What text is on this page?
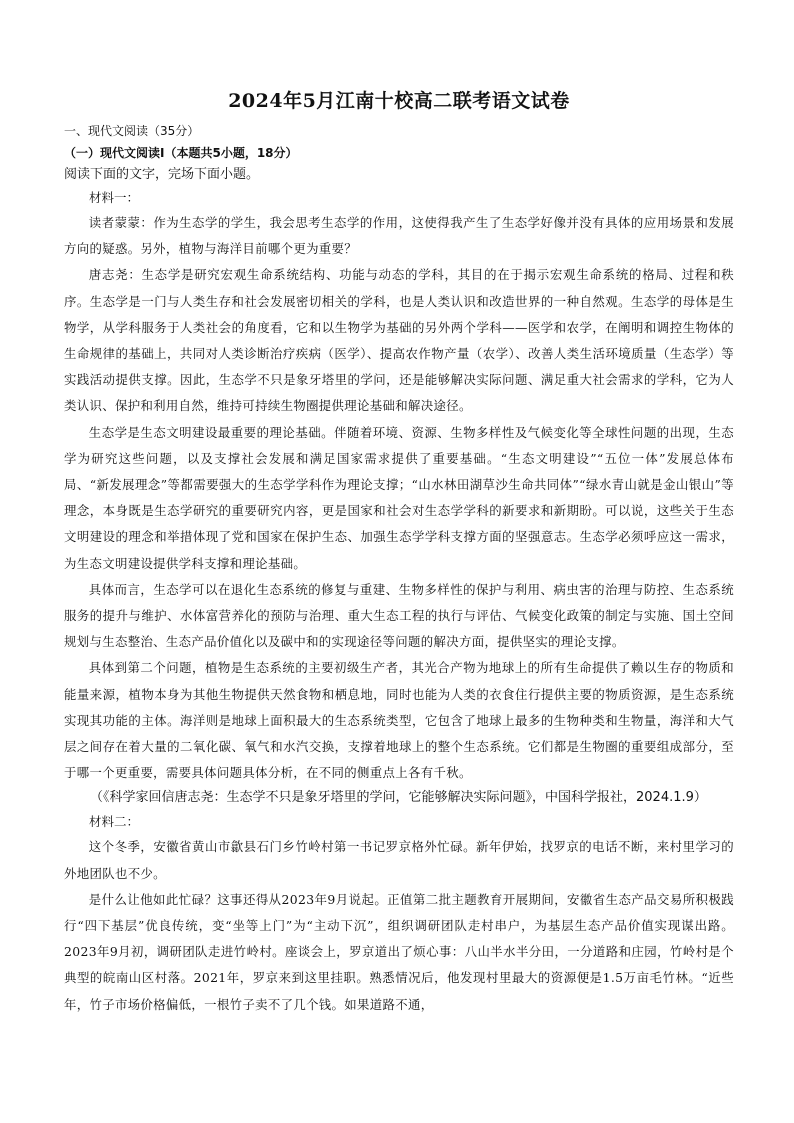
2024年5月江南十校高二联考语文试卷

一、现代文阅读（35分）

（一）现代文阅读Ⅰ（本题共5小题，18分）

阅读下面的文字，完场下面小题。

材料一：

读者蒙蒙：作为生态学的学生，我会思考生态学的作用，这使得我产生了生态学好像并没有具体的应用场景和发展方向的疑惑。另外，植物与海洋目前哪个更为重要？

唐志尧：生态学是研究宏观生命系统结构、功能与动态的学科，其目的在于揭示宏观生命系统的格局、过程和秩序。生态学是一门与人类生存和社会发展密切相关的学科，也是人类认识和改造世界的一种自然观。生态学的母体是生物学，从学科服务于人类社会的角度看，它和以生物学为基础的另外两个学科——医学和农学，在阐明和调控生物体的生命规律的基础上，共同对人类诊断治疗疾病（医学）、提高农作物产量（农学）、改善人类生活环境质量（生态学）等实践活动提供支撑。因此，生态学不只是象牙塔里的学问，还是能够解决实际问题、满足重大社会需求的学科，它为人类认识、保护和利用自然，维持可持续生物圈提供理论基础和解决途径。

生态学是生态文明建设最重要的理论基础。伴随着环境、资源、生物多样性及气候变化等全球性问题的出现，生态学为研究这些问题，以及支撑社会发展和满足国家需求提供了重要基础。“生态文明建设”“五位一体”发展总体布局、“新发展理念”等都需要强大的生态学学科作为理论支撑；“山水林田湖草沙生命共同体”“绿水青山就是金山银山”等理念，本身既是生态学研究的重要研究内容，更是国家和社会对生态学学科的新要求和新期盼。可以说，这些关于生态文明建设的理念和举措体现了党和国家在保护生态、加强生态学学科支撑方面的坚强意志。生态学必须呼应这一需求，为生态文明建设提供学科支撑和理论基础。

具体而言，生态学可以在退化生态系统的修复与重建、生物多样性的保护与利用、病虫害的治理与防控、生态系统服务的提升与维护、水体富营养化的预防与治理、重大生态工程的执行与评估、气候变化政策的制定与实施、国土空间规划与生态整治、生态产品价值化以及碳中和的实现途径等问题的解决方面，提供坚实的理论支撑。

具体到第二个问题，植物是生态系统的主要初级生产者，其光合产物为地球上的所有生命提供了赖以生存的物质和能量来源，植物本身为其他生物提供天然食物和栖息地，同时也能为人类的衣食住行提供主要的物质资源，是生态系统实现其功能的主体。海洋则是地球上面积最大的生态系统类型，它包含了地球上最多的生物种类和生物量，海洋和大气层之间存在着大量的二氧化碳、氧气和水汽交换，支撑着地球上的整个生态系统。它们都是生物圈的重要组成部分，至于哪一个更重要，需要具体问题具体分析，在不同的侧重点上各有千秋。

（《科学家回信唐志尧：生态学不只是象牙塔里的学问，它能够解决实际问题》，中国科学报社，2024.1.9）

材料二：

这个冬季，安徽省黄山市歙县石门乡竹岭村第一书记罗京格外忙碌。新年伊始，找罗京的电话不断，来村里学习的外地团队也不少。

是什么让他如此忙碌？这事还得从2023年9月说起。正值第二批主题教育开展期间，安徽省生态产品交易所积极践行“四下基层”优良传统，变“坐等上门”为“主动下沉”，组织调研团队走村串户，为基层生态产品价值实现谋出路。2023年9月初，调研团队走进竹岭村。座谈会上，罗京道出了烦心事：八山半水半分田，一分道路和庄园，竹岭村是个典型的皖南山区村落。2021年，罗京来到这里挂职。熟悉情况后，他发现村里最大的资源便是1.5万亩毛竹林。“近些年，竹子市场价格偏低，一根竹子卖不了几个钱。如果道路不通，
